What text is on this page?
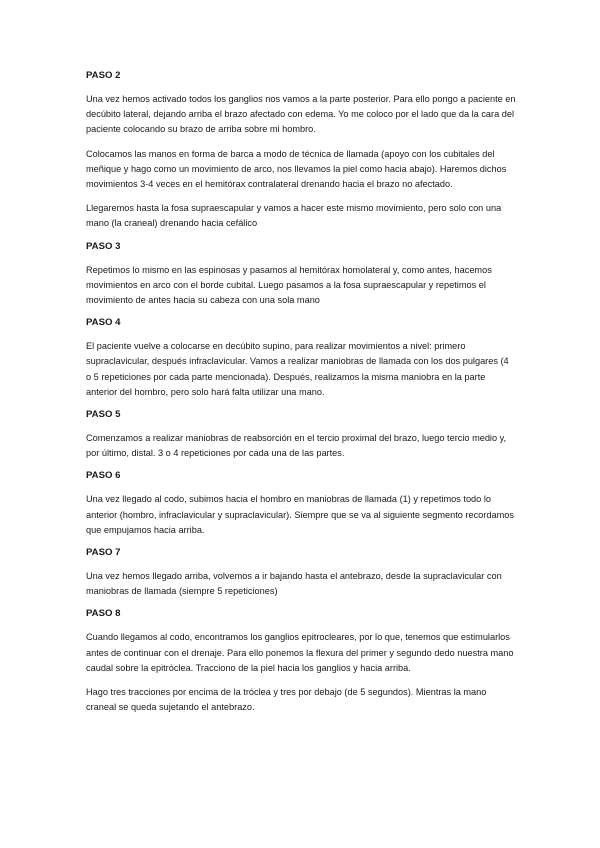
PASO 2

Una vez hemos activado todos los ganglios nos vamos a la parte posterior. Para ello pongo a paciente en decúbito lateral, dejando arriba el brazo afectado con edema. Yo me coloco por el lado que da la cara del paciente colocando su brazo de arriba sobre mi hombro.

Colocamos las manos en forma de barca a modo de técnica de llamada (apoyo con los cubitales del meñique y hago como un movimiento de arco, nos llevamos la piel como hacia abajo). Haremos dichos movimientos 3-4 veces en el hemitórax contralateral drenando hacia el brazo no afectado.

Llegaremos hasta la fosa supraescapular y vamos a hacer este mismo movimiento, pero solo con una mano (la craneal) drenando hacia cefálico

PASO 3

Repetimos lo mismo en las espinosas y pasamos al hemitórax homolateral y, como antes, hacemos movimientos en arco con el borde cubital. Luego pasamos a la fosa supraescapular y repetimos el movimiento de antes hacia su cabeza con una sola mano

PASO 4

El paciente vuelve a colocarse en decúbito supino, para realizar movimientos a nivel: primero supraclavicular, después infraclavicular. Vamos a realizar maniobras de llamada con los dos pulgares (4 o 5 repeticiones por cada parte mencionada). Después, realizamos la misma maniobra en la parte anterior del hombro, pero solo hará falta utilizar una mano.

PASO 5

Comenzamos a realizar maniobras de reabsorción en el tercio proximal del brazo, luego tercio medio y, por último, distal. 3 o 4 repeticiones por cada una de las partes.

PASO 6

Una vez llegado al codo, subimos hacia el hombro en maniobras de llamada (1) y repetimos todo lo anterior (hombro, infraclavicular y supraclavicular). Siempre que se va al siguiente segmento recordamos que empujamos hacia arriba.

PASO 7

Una vez hemos llegado arriba, volvemos a ir bajando hasta el antebrazo, desde la supraclavicular con maniobras de llamada (siempre 5 repeticiones)

PASO 8

Cuando llegamos al codo, encontramos los ganglios epitrocleares, por lo que, tenemos que estimularlos antes de continuar con el drenaje. Para ello ponemos la flexura del primer y segundo dedo nuestra mano caudal sobre la epitróclea. Tracciono de la piel hacia los ganglios y hacia arriba.

Hago tres tracciones por encima de la tróclea y tres por debajo (de 5 segundos). Mientras la mano craneal se queda sujetando el antebrazo.
